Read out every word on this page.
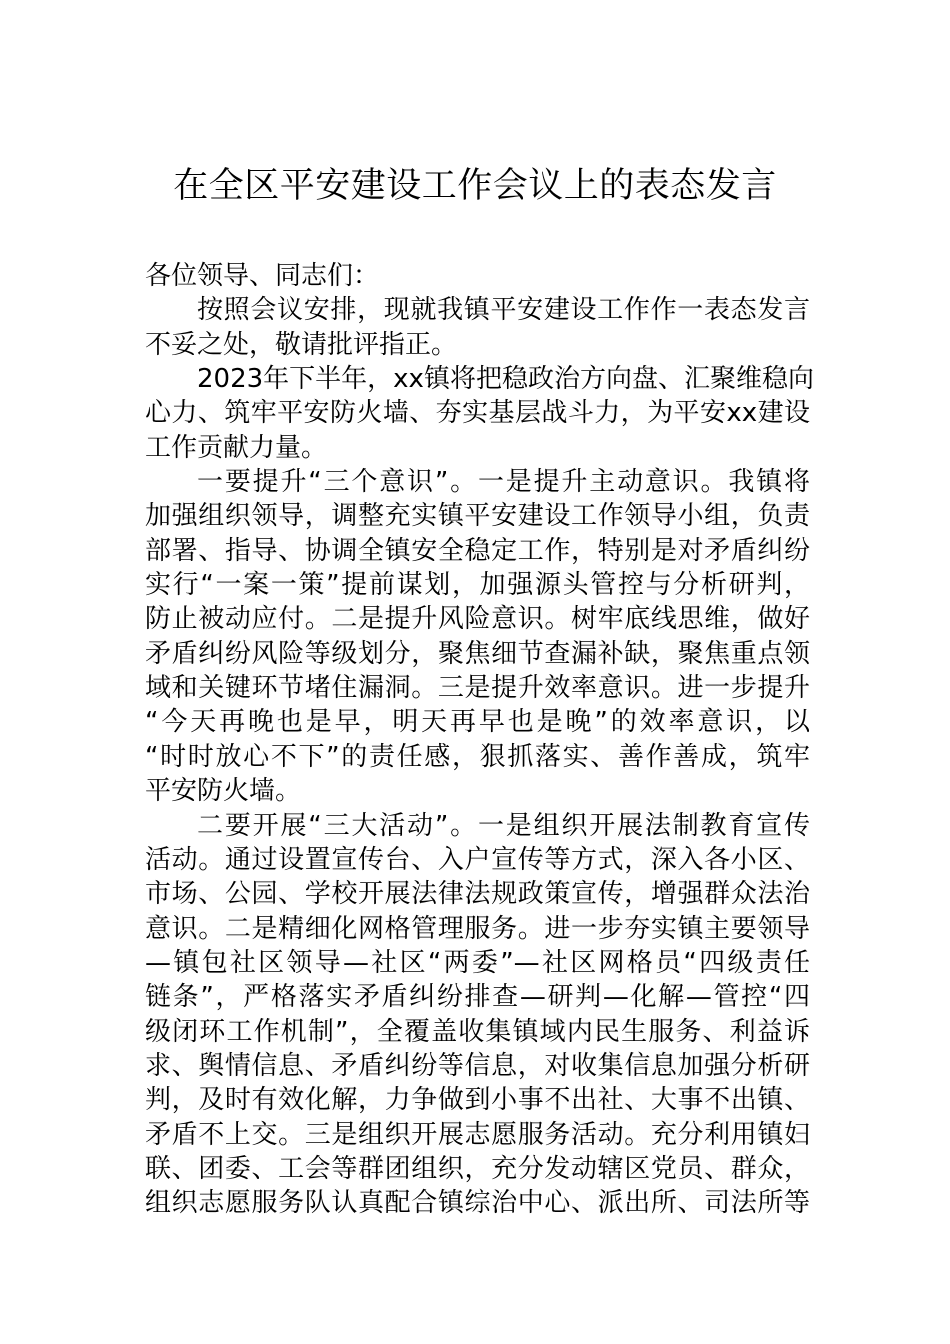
在全区平安建设工作会议上的表态发言
各位领导、同志们：
按照会议安排，现就我镇平安建设工作作一表态发言
不妥之处，敬请批评指正。
2023年下半年，xx镇将把稳政治方向盘、汇聚维稳向
心力、筑牢平安防火墙、夯实基层战斗力，为平安xx建设
工作贡献力量。
一要提升“三个意识”。一是提升主动意识。我镇将
加强组织领导，调整充实镇平安建设工作领导小组，负责
部署、指导、协调全镇安全稳定工作，特别是对矛盾纠纷
实行“一案一策”提前谋划，加强源头管控与分析研判，
防止被动应付。二是提升风险意识。树牢底线思维，做好
矛盾纠纷风险等级划分，聚焦细节查漏补缺，聚焦重点领
域和关键环节堵住漏洞。三是提升效率意识。进一步提升
“今天再晚也是早，明天再早也是晚”的效率意识，以
“时时放心不下”的责任感，狠抓落实、善作善成，筑牢
平安防火墙。
二要开展“三大活动”。一是组织开展法制教育宣传
活动。通过设置宣传台、入户宣传等方式，深入各小区、
市场、公园、学校开展法律法规政策宣传，增强群众法治
意识。二是精细化网格管理服务。进一步夯实镇主要领导
—镇包社区领导—社区“两委”—社区网格员“四级责任
链条”，严格落实矛盾纠纷排查—研判—化解—管控“四
级闭环工作机制”，全覆盖收集镇域内民生服务、利益诉
求、舆情信息、矛盾纠纷等信息，对收集信息加强分析研
判，及时有效化解，力争做到小事不出社、大事不出镇、
矛盾不上交。三是组织开展志愿服务活动。充分利用镇妇
联、团委、工会等群团组织，充分发动辖区党员、群众，
组织志愿服务队认真配合镇综治中心、派出所、司法所等
